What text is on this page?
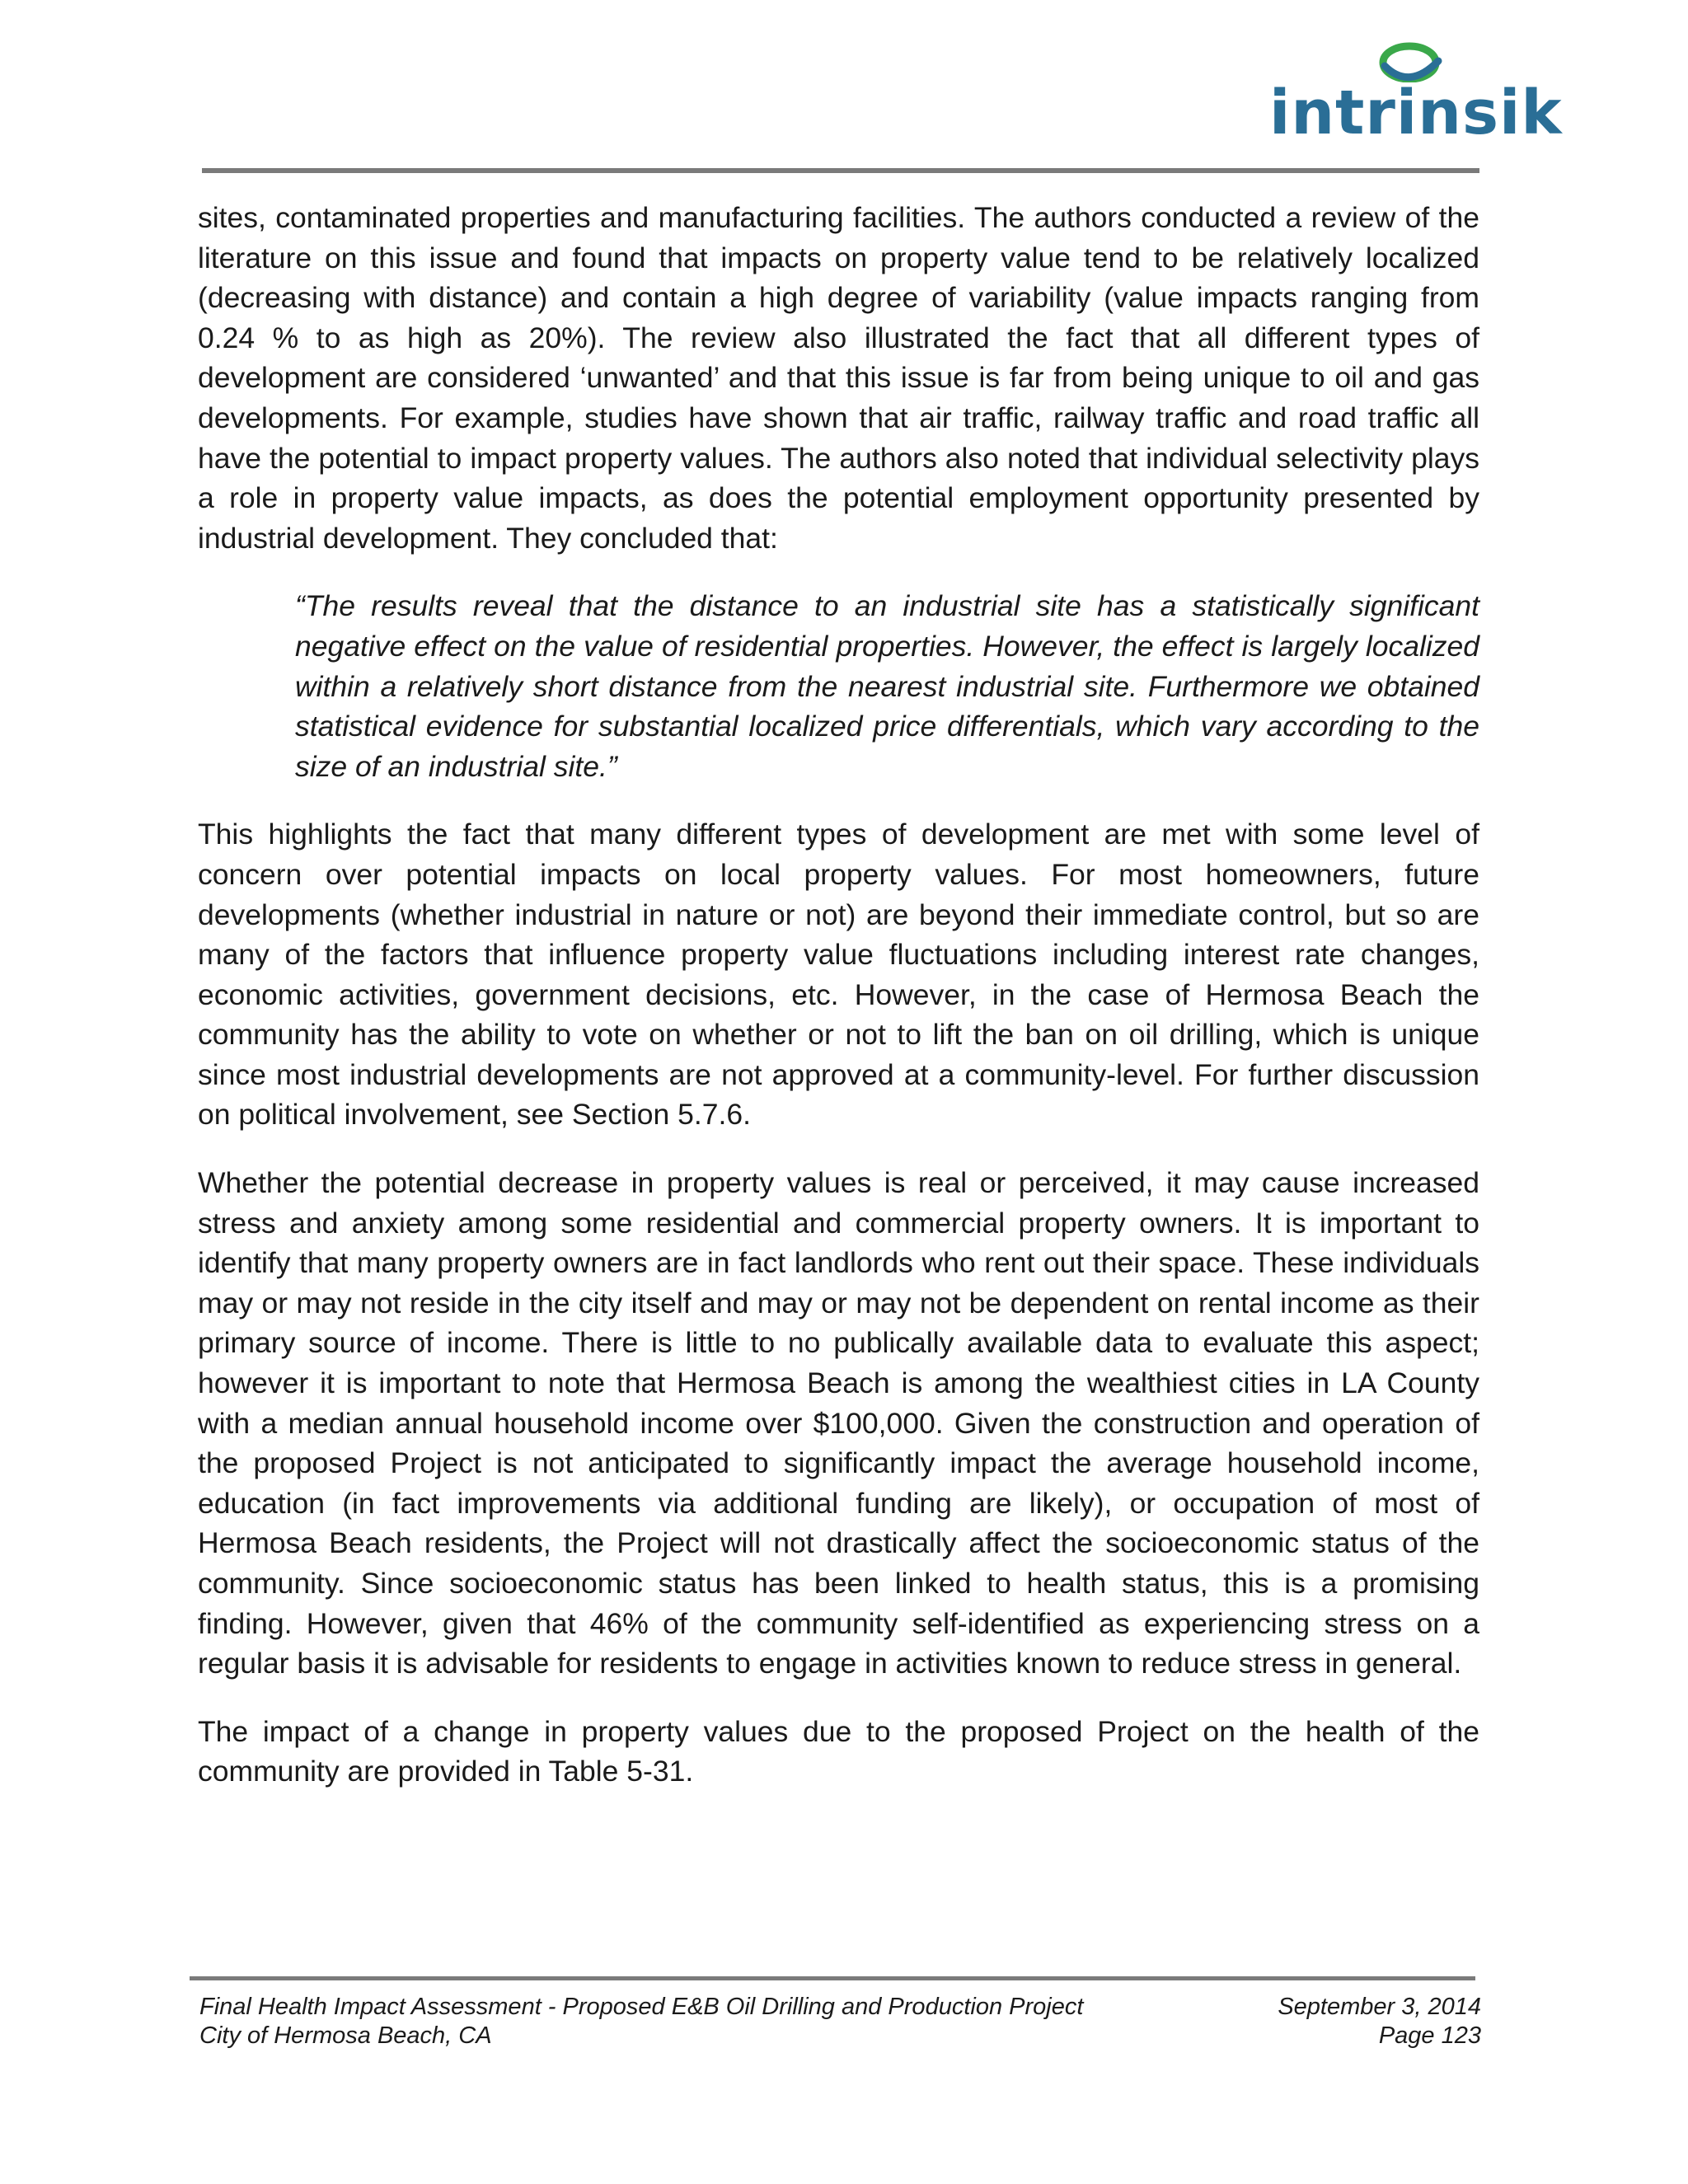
intrinsik

sites, contaminated properties and manufacturing facilities. The authors conducted a review of the literature on this issue and found that impacts on property value tend to be relatively localized (decreasing with distance) and contain a high degree of variability (value impacts ranging from 0.24 % to as high as 20%). The review also illustrated the fact that all different types of development are considered ‘unwanted’ and that this issue is far from being unique to oil and gas developments. For example, studies have shown that air traffic, railway traffic and road traffic all have the potential to impact property values. The authors also noted that individual selectivity plays a role in property value impacts, as does the potential employment opportunity presented by industrial development. They concluded that:

“The results reveal that the distance to an industrial site has a statistically significant negative effect on the value of residential properties. However, the effect is largely localized within a relatively short distance from the nearest industrial site. Furthermore we obtained statistical evidence for substantial localized price differentials, which vary according to the size of an industrial site.”

This highlights the fact that many different types of development are met with some level of concern over potential impacts on local property values. For most homeowners, future developments (whether industrial in nature or not) are beyond their immediate control, but so are many of the factors that influence property value fluctuations including interest rate changes, economic activities, government decisions, etc. However, in the case of Hermosa Beach the community has the ability to vote on whether or not to lift the ban on oil drilling, which is unique since most industrial developments are not approved at a community-level. For further discussion on political involvement, see Section 5.7.6.

Whether the potential decrease in property values is real or perceived, it may cause increased stress and anxiety among some residential and commercial property owners. It is important to identify that many property owners are in fact landlords who rent out their space. These individuals may or may not reside in the city itself and may or may not be dependent on rental income as their primary source of income. There is little to no publically available data to evaluate this aspect; however it is important to note that Hermosa Beach is among the wealthiest cities in LA County with a median annual household income over $100,000. Given the construction and operation of the proposed Project is not anticipated to significantly impact the average household income, education (in fact improvements via additional funding are likely), or occupation of most of Hermosa Beach residents, the Project will not drastically affect the socioeconomic status of the community. Since socioeconomic status has been linked to health status, this is a promising finding. However, given that 46% of the community self-identified as experiencing stress on a regular basis it is advisable for residents to engage in activities known to reduce stress in general.

The impact of a change in property values due to the proposed Project on the health of the community are provided in Table 5-31.

Final Health Impact Assessment - Proposed E&B Oil Drilling and Production Project	September 3, 2014
City of Hermosa Beach, CA	Page 123
